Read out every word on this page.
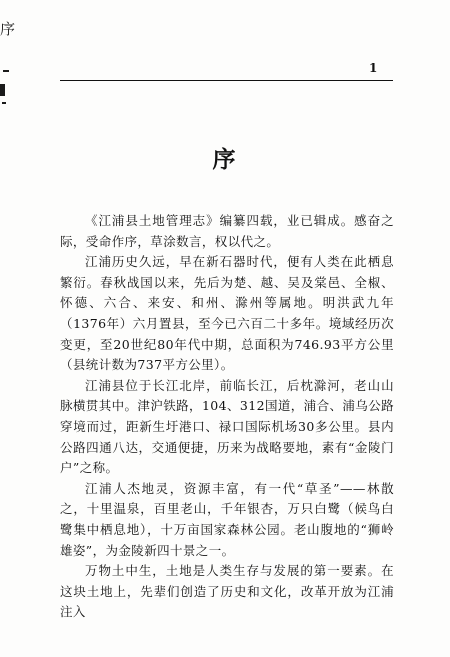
序
1
序

《江浦县土地管理志》编纂四载，业已辑成。感奋之际，受命作序，草涂数言，权以代之。

江浦历史久远，早在新石器时代，便有人类在此栖息繁衍。春秋战国以来，先后为楚、越、吴及棠邑、全椒、怀德、六合、来安、和州、滁州等属地。明洪武九年（1376年）六月置县，至今已六百二十多年。境域经历次变更，至20世纪80年代中期，总面积为746.93平方公里（县统计数为737平方公里）。

江浦县位于长江北岸，前临长江，后枕滁河，老山山脉横贯其中。津沪铁路，104、312国道，浦合、浦乌公路穿境而过，距新生圩港口、禄口国际机场30多公里。县内公路四通八达，交通便捷，历来为战略要地，素有“金陵门户”之称。

江浦人杰地灵，资源丰富，有一代“草圣”——林散之，十里温泉，百里老山，千年银杏，万只白鹭（候鸟白鹭集中栖息地），十万亩国家森林公园。老山腹地的“狮岭雄姿”，为金陵新四十景之一。

万物土中生，土地是人类生存与发展的第一要素。在这块土地上，先辈们创造了历史和文化，改革开放为江浦注入
